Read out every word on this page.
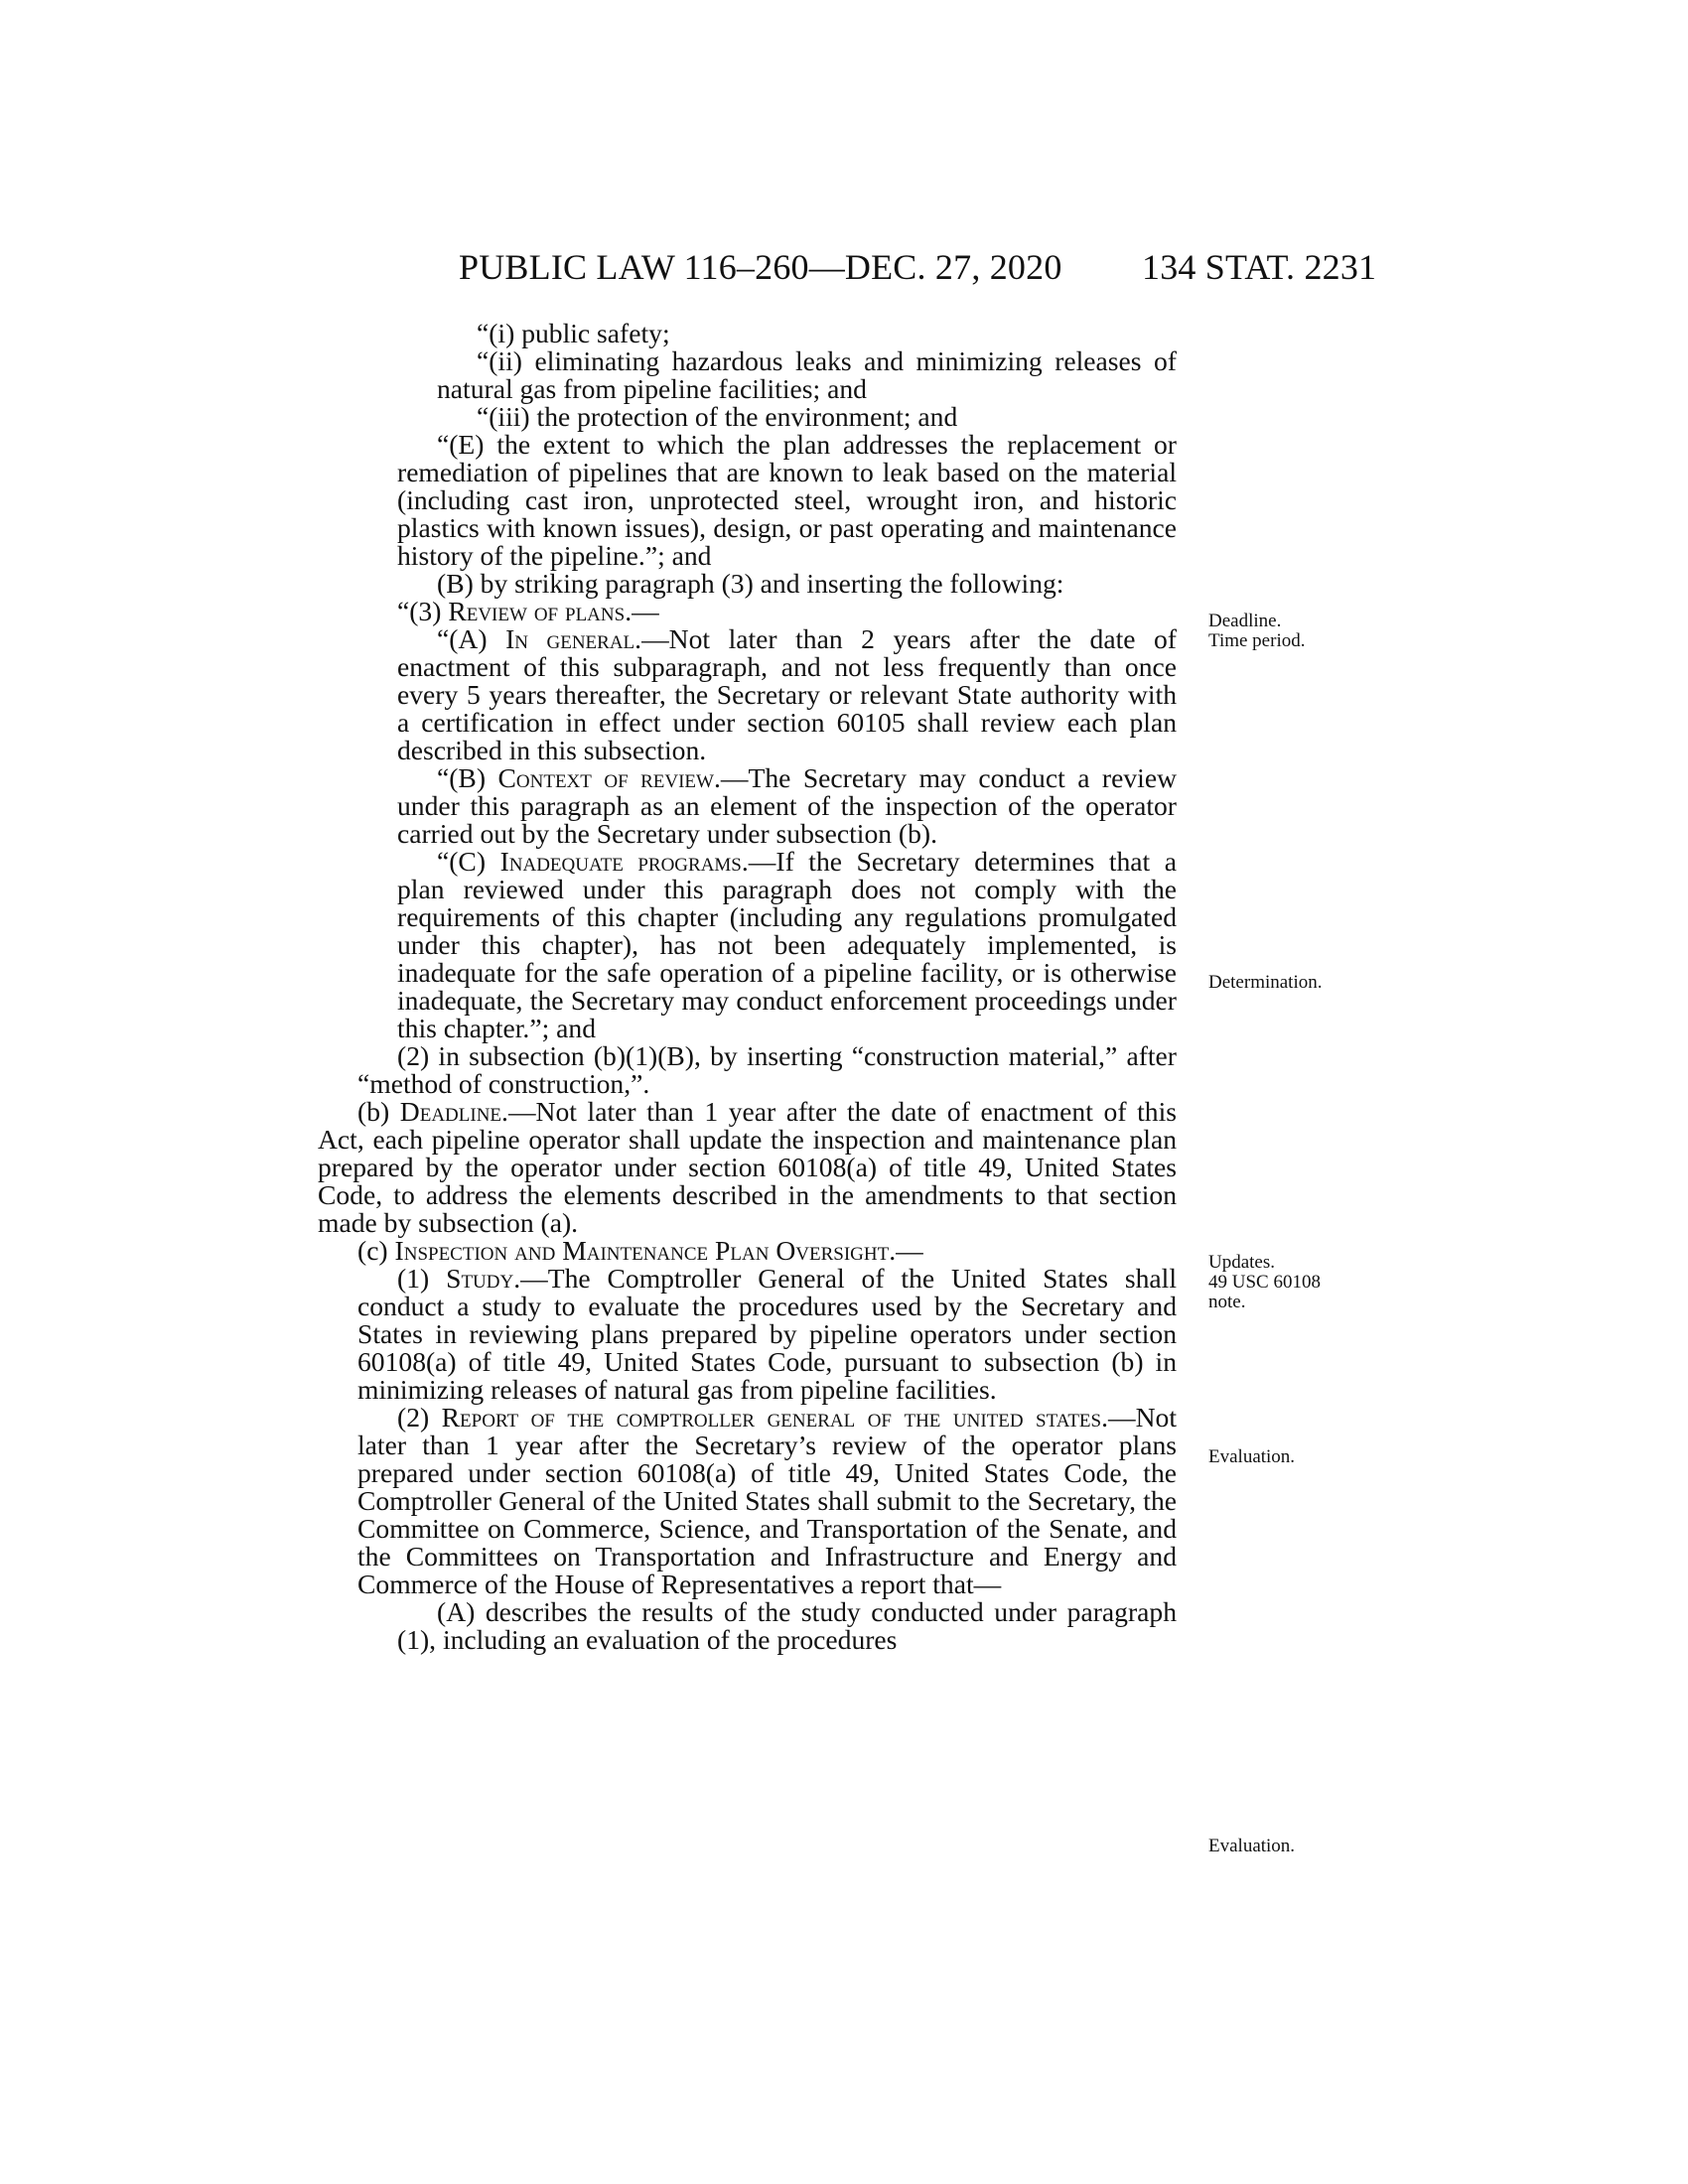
PUBLIC LAW 116–260—DEC. 27, 2020 134 STAT. 2231

“(i) public safety;

“(ii) eliminating hazardous leaks and minimizing releases of natural gas from pipeline facilities; and

“(iii) the protection of the environment; and

“(E) the extent to which the plan addresses the replacement or remediation of pipelines that are known to leak based on the material (including cast iron, unprotected steel, wrought iron, and historic plastics with known issues), design, or past operating and maintenance history of the pipeline.”; and

(B) by striking paragraph (3) and inserting the following:

“(3) Review of plans.—

“(A) In general.—Not later than 2 years after the date of enactment of this subparagraph, and not less frequently than once every 5 years thereafter, the Secretary or relevant State authority with a certification in effect under section 60105 shall review each plan described in this subsection.

“(B) Context of review.—The Secretary may conduct a review under this paragraph as an element of the inspection of the operator carried out by the Secretary under subsection (b).

“(C) Inadequate programs.—If the Secretary determines that a plan reviewed under this paragraph does not comply with the requirements of this chapter (including any regulations promulgated under this chapter), has not been adequately implemented, is inadequate for the safe operation of a pipeline facility, or is otherwise inadequate, the Secretary may conduct enforcement proceedings under this chapter.”; and

(2) in subsection (b)(1)(B), by inserting “construction material,” after “method of construction,”.

(b) Deadline.—Not later than 1 year after the date of enactment of this Act, each pipeline operator shall update the inspection and maintenance plan prepared by the operator under section 60108(a) of title 49, United States Code, to address the elements described in the amendments to that section made by subsection (a).

(c) Inspection and Maintenance Plan Oversight.—

(1) Study.—The Comptroller General of the United States shall conduct a study to evaluate the procedures used by the Secretary and States in reviewing plans prepared by pipeline operators under section 60108(a) of title 49, United States Code, pursuant to subsection (b) in minimizing releases of natural gas from pipeline facilities.

(2) Report of the comptroller general of the united states.—Not later than 1 year after the Secretary’s review of the operator plans prepared under section 60108(a) of title 49, United States Code, the Comptroller General of the United States shall submit to the Secretary, the Committee on Commerce, Science, and Transportation of the Senate, and the Committees on Transportation and Infrastructure and Energy and Commerce of the House of Representatives a report that—

(A) describes the results of the study conducted under paragraph (1), including an evaluation of the procedures

Deadline.
Time period.
Determination.
Updates.
49 USC 60108
note.
Evaluation.
Evaluation.
